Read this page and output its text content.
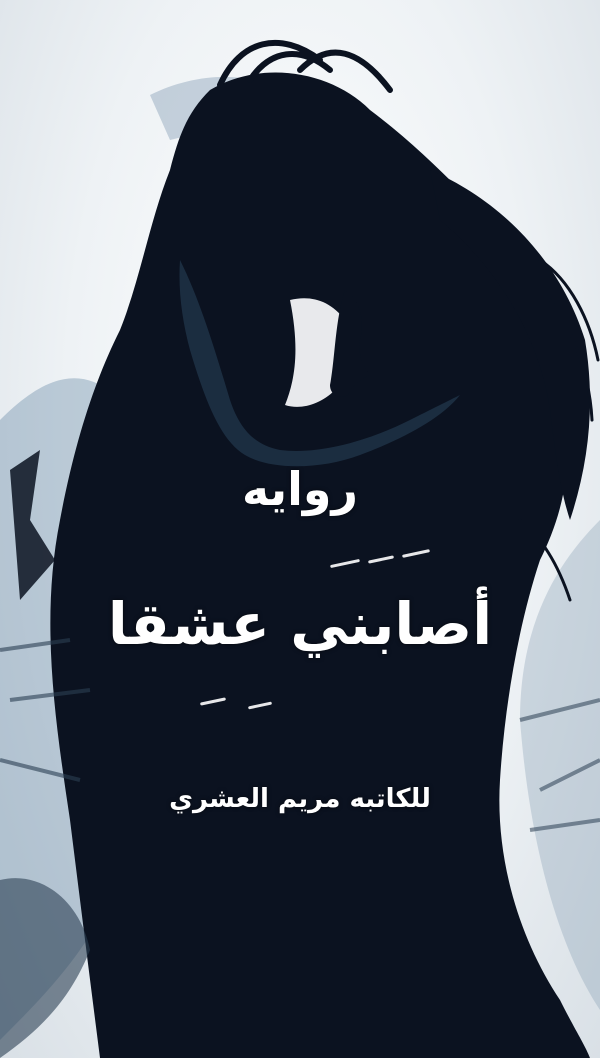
روايه
أصابني عشقا
للكاتبه مريم العشري
